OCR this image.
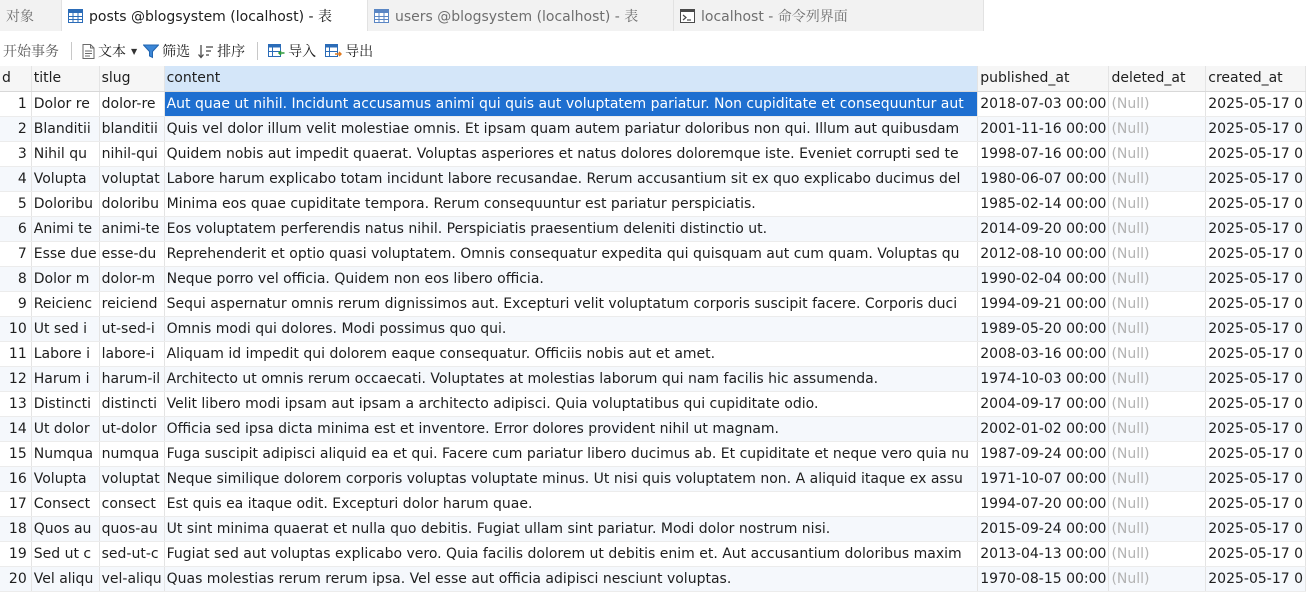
对象	posts @blogsystem (localhost) - 表	users @blogsystem (localhost) - 表	localhost - 命令列界面
开始事务	文本 ▼ 筛选 排序	导入 导出
d	title	slug	content	published_at	deleted_at	created_at
1	Dolor re	dolor-re	Aut quae ut nihil. Incidunt accusamus animi qui quis aut voluptatem pariatur. Non cupiditate et consequuntur aut	2018-07-03 00:00	(Null)	2025-05-17 0
2	Blanditii	blanditii	Quis vel dolor illum velit molestiae omnis. Et ipsam quam autem pariatur doloribus non qui. Illum aut quibusdam	2001-11-16 00:00	(Null)	2025-05-17 0
3	Nihil qu	nihil-qui	Quidem nobis aut impedit quaerat. Voluptas asperiores et natus dolores doloremque iste. Eveniet corrupti sed te	1998-07-16 00:00	(Null)	2025-05-17 0
4	Volupta	voluptat	Labore harum explicabo totam incidunt labore recusandae. Rerum accusantium sit ex quo explicabo ducimus del	1980-06-07 00:00	(Null)	2025-05-17 0
5	Doloribu	doloribu	Minima eos quae cupiditate tempora. Rerum consequuntur est pariatur perspiciatis.	1985-02-14 00:00	(Null)	2025-05-17 0
6	Animi te	animi-te	Eos voluptatem perferendis natus nihil. Perspiciatis praesentium deleniti distinctio ut.	2014-09-20 00:00	(Null)	2025-05-17 0
7	Esse due	esse-du	Reprehenderit et optio quasi voluptatem. Omnis consequatur expedita qui quisquam aut cum quam. Voluptas qu	2012-08-10 00:00	(Null)	2025-05-17 0
8	Dolor m	dolor-m	Neque porro vel officia. Quidem non eos libero officia.	1990-02-04 00:00	(Null)	2025-05-17 0
9	Reicienc	reiciend	Sequi aspernatur omnis rerum dignissimos aut. Excepturi velit voluptatum corporis suscipit facere. Corporis duci	1994-09-21 00:00	(Null)	2025-05-17 0
10	Ut sed i	ut-sed-i	Omnis modi qui dolores. Modi possimus quo qui.	1989-05-20 00:00	(Null)	2025-05-17 0
11	Labore i	labore-i	Aliquam id impedit qui dolorem eaque consequatur. Officiis nobis aut et amet.	2008-03-16 00:00	(Null)	2025-05-17 0
12	Harum i	harum-il	Architecto ut omnis rerum occaecati. Voluptates at molestias laborum qui nam facilis hic assumenda.	1974-10-03 00:00	(Null)	2025-05-17 0
13	Distincti	distincti	Velit libero modi ipsam aut ipsam a architecto adipisci. Quia voluptatibus qui cupiditate odio.	2004-09-17 00:00	(Null)	2025-05-17 0
14	Ut dolor	ut-dolor	Officia sed ipsa dicta minima est et inventore. Error dolores provident nihil ut magnam.	2002-01-02 00:00	(Null)	2025-05-17 0
15	Numqua	numqua	Fuga suscipit adipisci aliquid ea et qui. Facere cum pariatur libero ducimus ab. Et cupiditate et neque vero quia nu	1987-09-24 00:00	(Null)	2025-05-17 0
16	Volupta	voluptat	Neque similique dolorem corporis voluptas voluptate minus. Ut nisi quis voluptatem non. A aliquid itaque ex assu	1971-10-07 00:00	(Null)	2025-05-17 0
17	Consect	consect	Est quis ea itaque odit. Excepturi dolor harum quae.	1994-07-20 00:00	(Null)	2025-05-17 0
18	Quos au	quos-au	Ut sint minima quaerat et nulla quo debitis. Fugiat ullam sint pariatur. Modi dolor nostrum nisi.	2015-09-24 00:00	(Null)	2025-05-17 0
19	Sed ut c	sed-ut-c	Fugiat sed aut voluptas explicabo vero. Quia facilis dolorem ut debitis enim et. Aut accusantium doloribus maxim	2013-04-13 00:00	(Null)	2025-05-17 0
20	Vel aliqu	vel-aliqu	Quas molestias rerum rerum ipsa. Vel esse aut officia adipisci nesciunt voluptas.	1970-08-15 00:00	(Null)	2025-05-17 0
